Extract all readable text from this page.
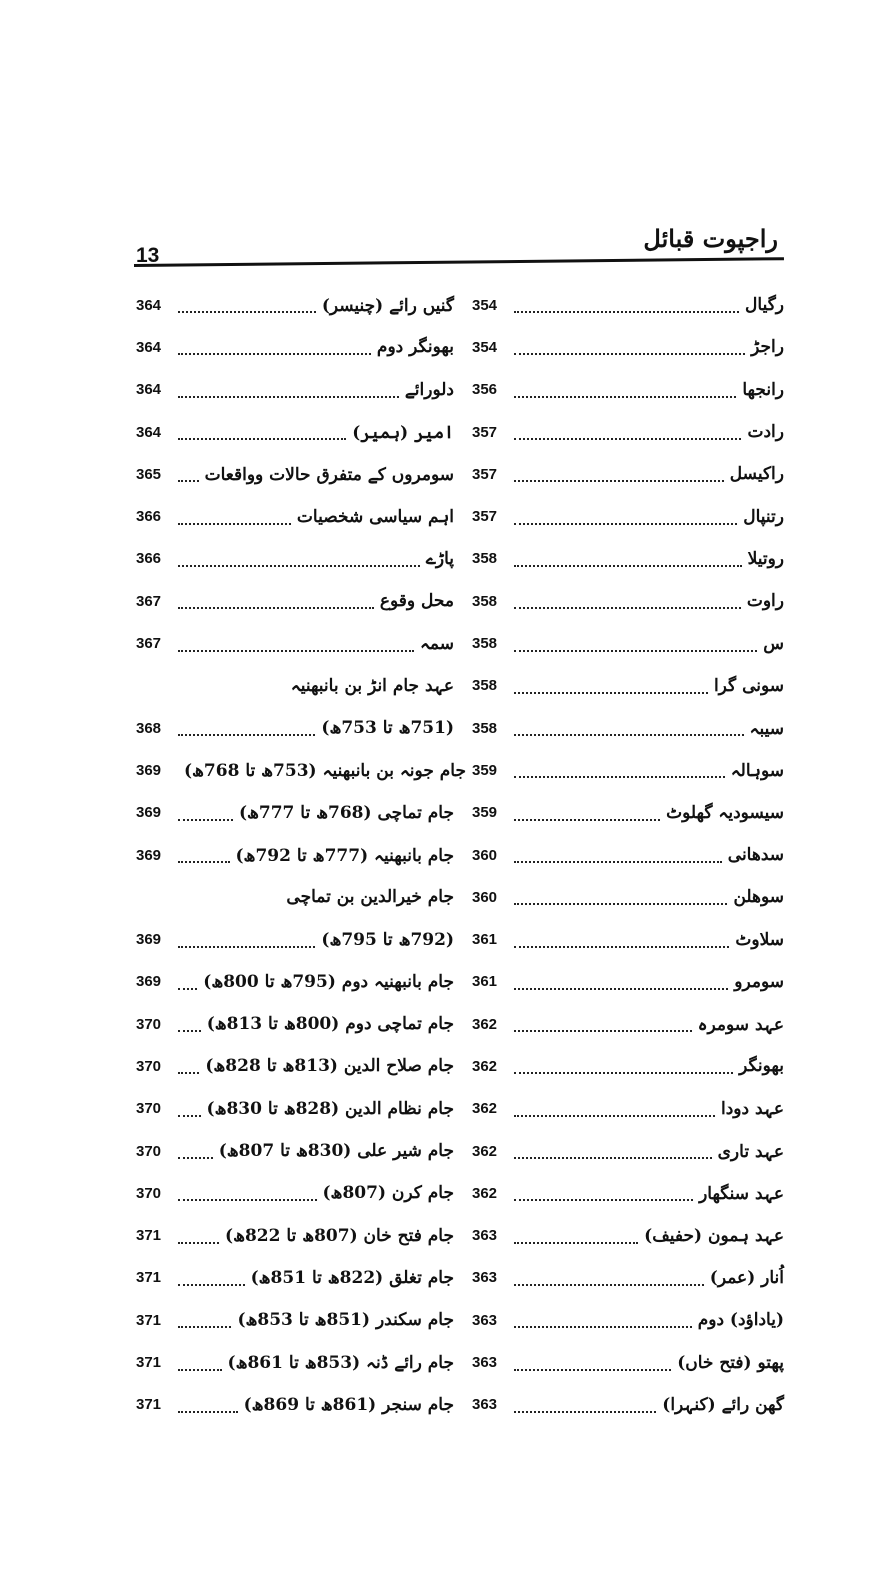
راجپوت قبائل
13
354	رگیال
354	راجڑ
356	رانجھا
357	رادت
357	راکیسل
357	رتنپال
358	روتیلا
358	راوت
358	س
358	سونی گرا
358	سیبہ
359	سوہالہ
359	سیسودیہ گھلوٹ
360	سدھانی
360	سوھلن
361	سلاوٹ
361	سومرو
362	عہد سومرہ
362	بھونگر
362	عہد دودا
362	عہد تاری
362	عہد سنگھار
363	عہد ہمون (حفیف)
363	اُنار (عمر)
363	(یاداؤد) دوم
363	پھتو (فتح خاں)
363	گھن رائے (کنہرا)
364	گنیں رائے (چنیسر)
364	بھونگر دوم
364	دلورائے
364	امیر (ہمیر)
365	سومروں کے متفرق حالات وواقعات
366	اہم سیاسی شخصیات
366	پاڑے
367	محل وقوع
367	سمہ
عہد جام انڑ بن بانبھنیہ
368	(751ھ تا 753ھ)
369	جام جونہ بن بانبھنیہ (753ھ تا 768ھ)
369	جام تماچی (768ھ تا 777ھ)
369	جام بانبھنیہ (777ھ تا 792ھ)
جام خیرالدین بن تماچی
369	(792ھ تا 795ھ)
369	جام بانبھنیہ دوم (795ھ تا 800ھ)
370	جام تماچی دوم (800ھ تا 813ھ)
370	جام صلاح الدین (813ھ تا 828ھ)
370	جام نظام الدین (828ھ تا 830ھ)
370	جام شیر علی (830ھ تا 807ھ)
370	جام کرن (807ھ)
371	جام فتح خان (807ھ تا 822ھ)
371	جام تغلق (822ھ تا 851ھ)
371	جام سکندر (851ھ تا 853ھ)
371	جام رائے ڈنہ (853ھ تا 861ھ)
371	جام سنجر (861ھ تا 869ھ)
